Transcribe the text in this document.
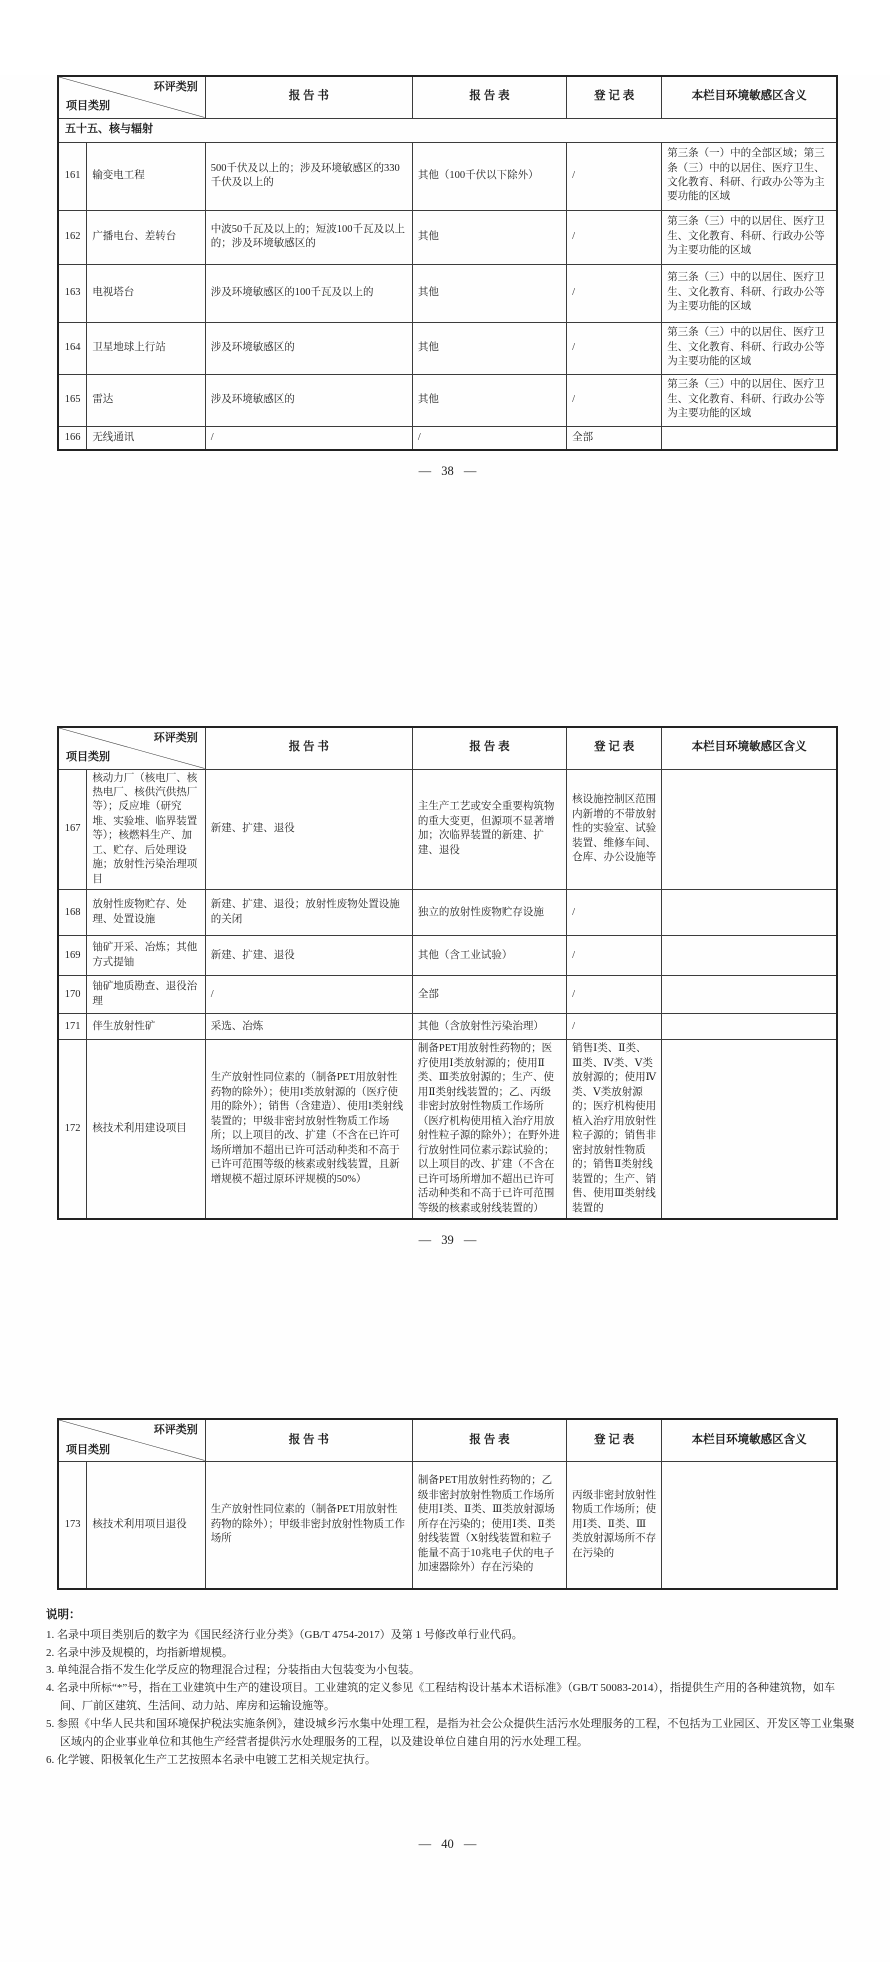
环评类别
项目类别		报 告 书	报 告 表	登 记 表	本栏目环境敏感区含义
五十五、核与辐射					
161	输变电工程	500千伏及以上的；涉及环境敏感区的330千伏及以上的	其他（100千伏以下除外）	/	第三条（一）中的全部区域；第三条（三）中的以居住、医疗卫生、文化教育、科研、行政办公等为主要功能的区域
162	广播电台、差转台	中波50千瓦及以上的；短波100千瓦及以上的；涉及环境敏感区的	其他	/	第三条（三）中的以居住、医疗卫生、文化教育、科研、行政办公等为主要功能的区域
163	电视塔台	涉及环境敏感区的100千瓦及以上的	其他	/	第三条（三）中的以居住、医疗卫生、文化教育、科研、行政办公等为主要功能的区域
164	卫星地球上行站	涉及环境敏感区的	其他	/	第三条（三）中的以居住、医疗卫生、文化教育、科研、行政办公等为主要功能的区域
165	雷达	涉及环境敏感区的	其他	/	第三条（三）中的以居住、医疗卫生、文化教育、科研、行政办公等为主要功能的区域
166	无线通讯	/	/	全部	
— 38 —
环评类别
项目类别		报 告 书	报 告 表	登 记 表	本栏目环境敏感区含义
167	核动力厂（核电厂、核热电厂、核供汽供热厂等）；反应堆（研究堆、实验堆、临界装置等）；核燃料生产、加工、贮存、后处理设施；放射性污染治理项目	新建、扩建、退役	主生产工艺或安全重要构筑物的重大变更，但源项不显著增加；次临界装置的新建、扩建、退役	核设施控制区范围内新增的不带放射性的实验室、试验装置、维修车间、仓库、办公设施等	
168	放射性废物贮存、处理、处置设施	新建、扩建、退役；放射性废物处置设施的关闭	独立的放射性废物贮存设施	/	
169	铀矿开采、冶炼；其他方式提铀	新建、扩建、退役	其他（含工业试验）	/	
170	铀矿地质勘查、退役治理	/	全部	/	
171	伴生放射性矿	采选、冶炼	其他（含放射性污染治理）	/	
172	核技术利用建设项目	生产放射性同位素的（制备PET用放射性药物的除外）；使用I类放射源的（医疗使用的除外）；销售（含建造）、使用I类射线装置的；甲级非密封放射性物质工作场所；以上项目的改、扩建（不含在已许可场所增加不超出已许可活动种类和不高于已许可范围等级的核素或射线装置，且新增规模不超过原环评规模的50%）	制备PET用放射性药物的；医疗使用Ⅰ类放射源的；使用Ⅱ类、Ⅲ类放射源的；生产、使用Ⅱ类射线装置的；乙、丙级非密封放射性物质工作场所（医疗机构使用植入治疗用放射性粒子源的除外）；在野外进行放射性同位素示踪试验的；以上项目的改、扩建（不含在已许可场所增加不超出已许可活动种类和不高于已许可范围等级的核素或射线装置的）	销售Ⅰ类、Ⅱ类、Ⅲ类、Ⅳ类、Ⅴ类放射源的；使用Ⅳ类、Ⅴ类放射源的；医疗机构使用植入治疗用放射性粒子源的；销售非密封放射性物质的；销售Ⅱ类射线装置的；生产、销售、使用Ⅲ类射线装置的	
— 39 —
环评类别
项目类别		报 告 书	报 告 表	登 记 表	本栏目环境敏感区含义
173	核技术利用项目退役	生产放射性同位素的（制备PET用放射性药物的除外）；甲级非密封放射性物质工作场所	制备PET用放射性药物的；乙级非密封放射性物质工作场所使用Ⅰ类、Ⅱ类、Ⅲ类放射源场所存在污染的；使用Ⅰ类、Ⅱ类射线装置（X射线装置和粒子能量不高于10兆电子伏的电子加速器除外）存在污染的	丙级非密封放射性物质工作场所；使用Ⅰ类、Ⅱ类、Ⅲ类放射源场所不存在污染的	
说明：
1. 名录中项目类别后的数字为《国民经济行业分类》（GB/T 4754-2017）及第 1 号修改单行业代码。
2. 名录中涉及规模的，均指新增规模。
3. 单纯混合指不发生化学反应的物理混合过程；分装指由大包装变为小包装。
4. 名录中所标“*”号，指在工业建筑中生产的建设项目。工业建筑的定义参见《工程结构设计基本术语标准》（GB/T 50083-2014），指提供生产用的各种建筑物，如车间、厂前区建筑、生活间、动力站、库房和运输设施等。
5. 参照《中华人民共和国环境保护税法实施条例》，建设城乡污水集中处理工程，是指为社会公众提供生活污水处理服务的工程，不包括为工业园区、开发区等工业集聚区域内的企业事业单位和其他生产经营者提供污水处理服务的工程，以及建设单位自建自用的污水处理工程。
6. 化学镀、阳极氧化生产工艺按照本名录中电镀工艺相关规定执行。
— 40 —
